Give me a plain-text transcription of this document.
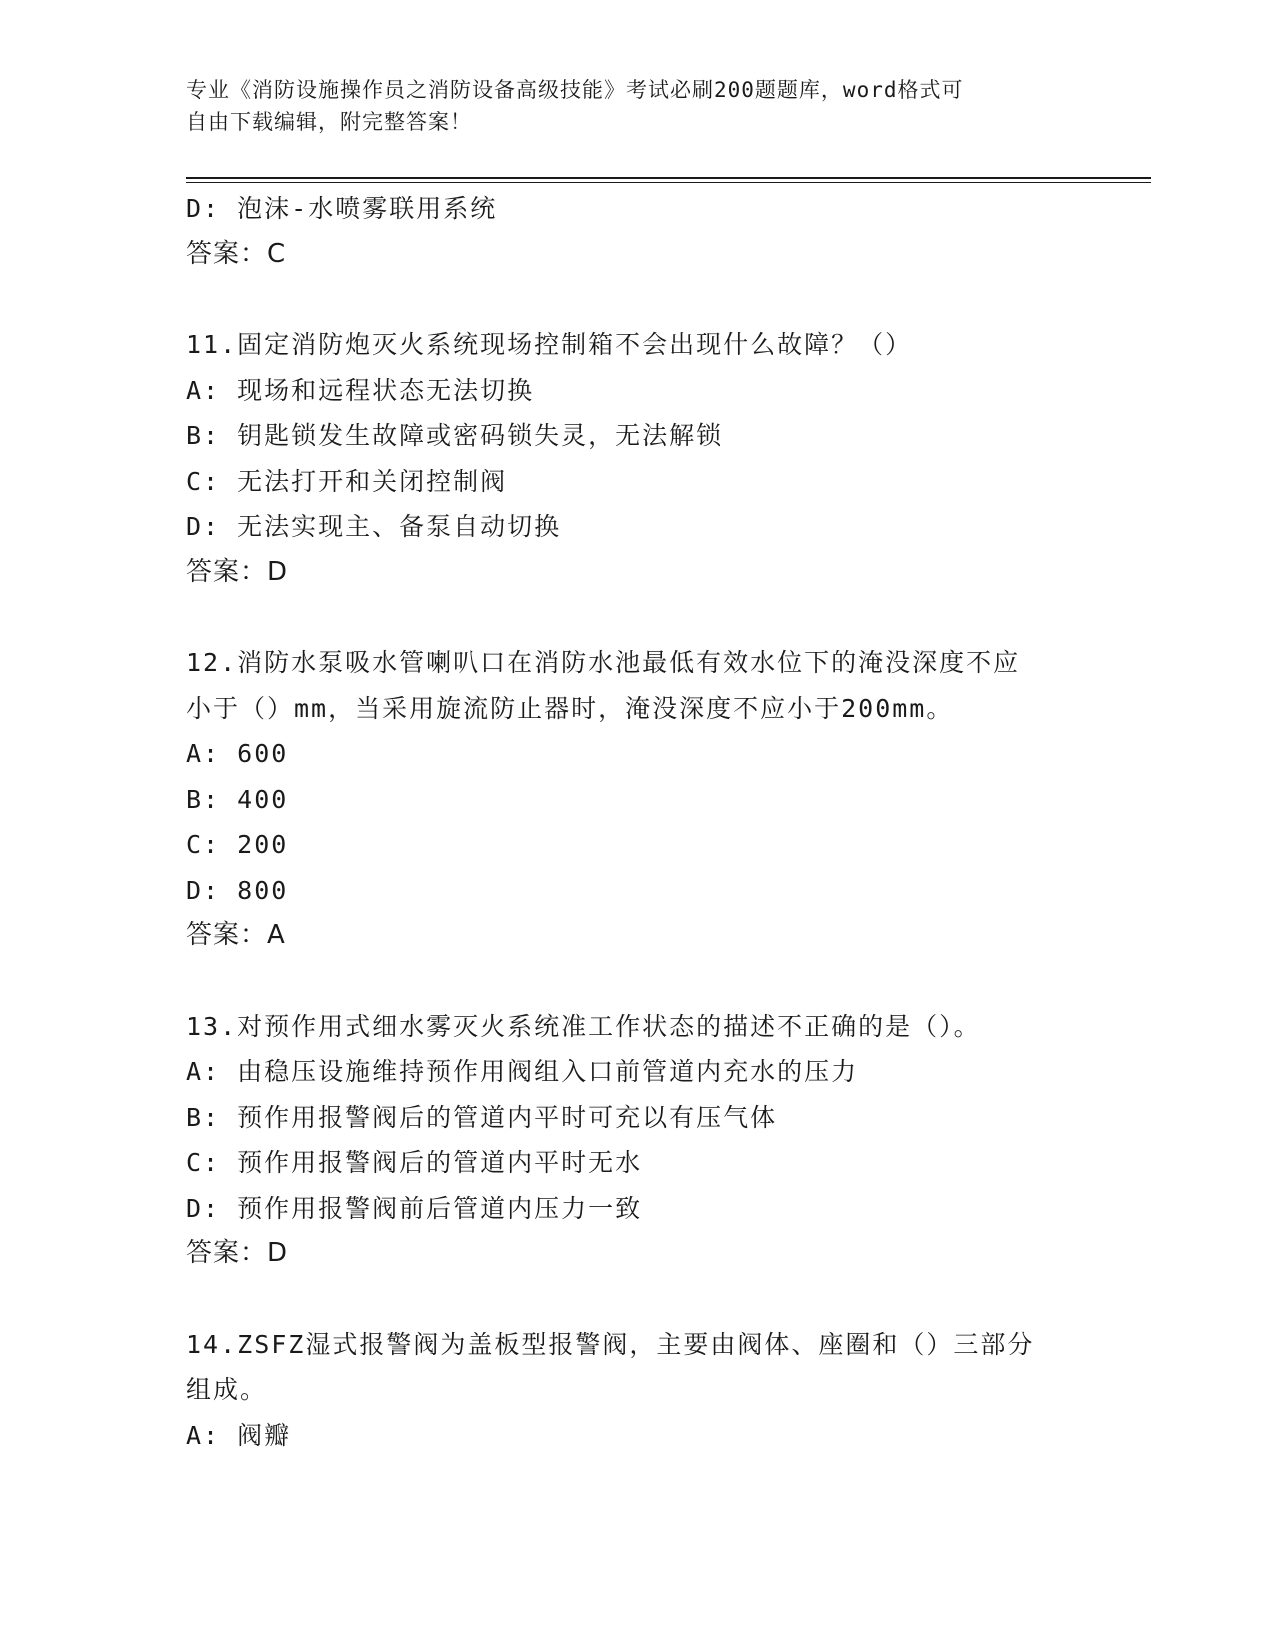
专业《消防设施操作员之消防设备高级技能》考试必刷200题题库，word格式可
自由下载编辑，附完整答案！
D: 泡沫-水喷雾联用系统
答案：C
11.固定消防炮灭火系统现场控制箱不会出现什么故障？（）
A: 现场和远程状态无法切换
B: 钥匙锁发生故障或密码锁失灵，无法解锁
C: 无法打开和关闭控制阀
D: 无法实现主、备泵自动切换
答案：D
12.消防水泵吸水管喇叭口在消防水池最低有效水位下的淹没深度不应
小于（）mm，当采用旋流防止器时，淹没深度不应小于200mm。
A: 600
B: 400
C: 200
D: 800
答案：A
13.对预作用式细水雾灭火系统准工作状态的描述不正确的是（）。
A: 由稳压设施维持预作用阀组入口前管道内充水的压力
B: 预作用报警阀后的管道内平时可充以有压气体
C: 预作用报警阀后的管道内平时无水
D: 预作用报警阀前后管道内压力一致
答案：D
14.ZSFZ湿式报警阀为盖板型报警阀，主要由阀体、座圈和（）三部分
组成。
A: 阀瓣
